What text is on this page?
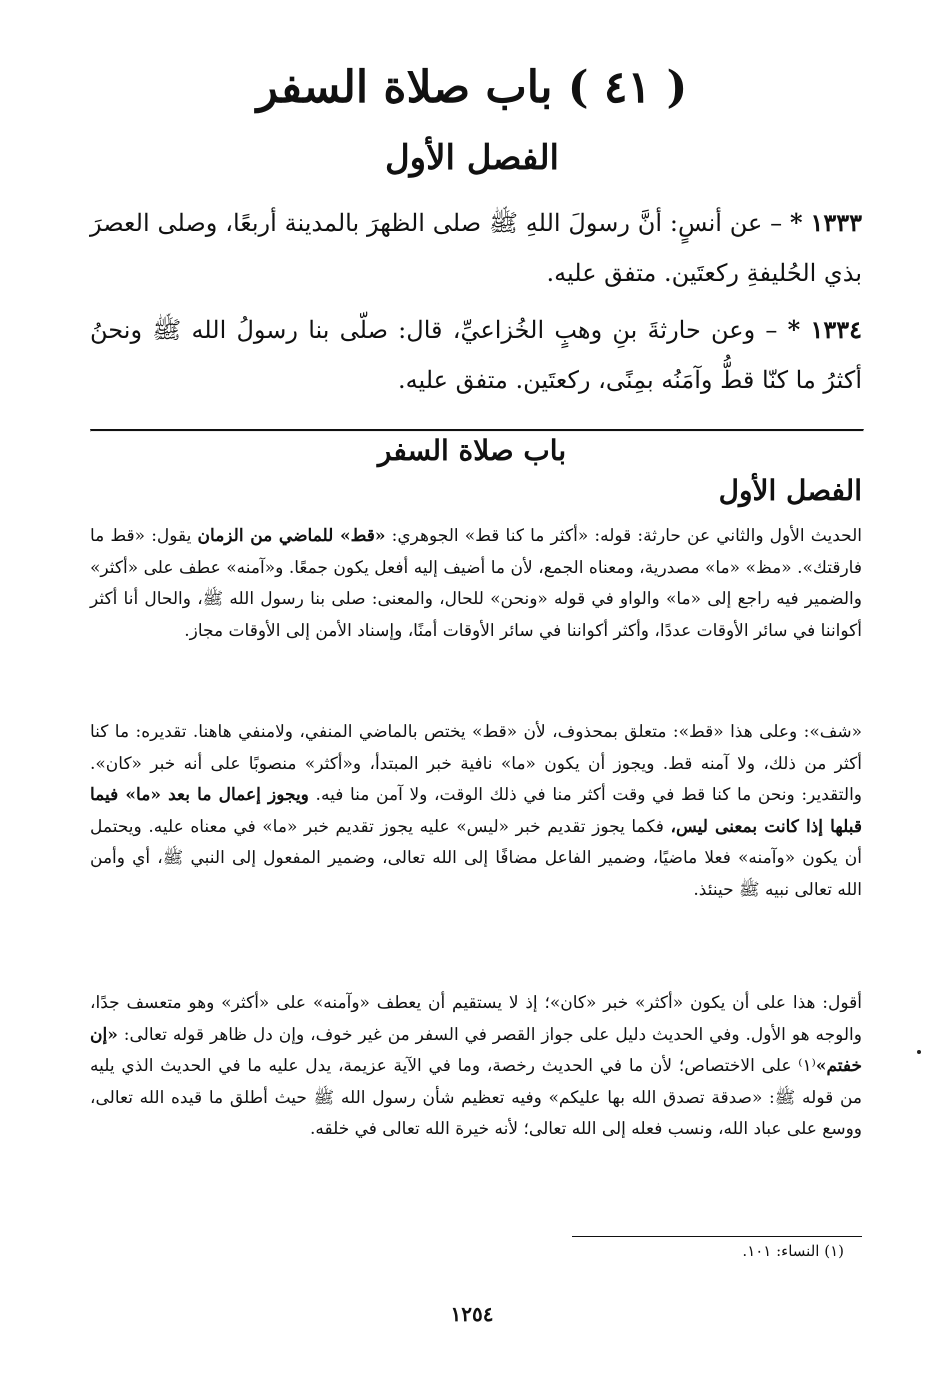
( ٤١ ) باب صلاة السفر
الفصل الأول

١٣٣٣ * – عن أنسٍ: أنَّ رسولَ اللهِ ﷺ صلى الظهرَ بالمدينة أربعًا، وصلى العصرَ بذي الحُليفةِ ركعتَين. متفق عليه.

١٣٣٤ * – وعن حارثةَ بنِ وهبٍ الخُزاعيِّ، قال: صلّى بنا رسولُ الله ﷺ ونحنُ أكثرُ ما كنّا قطُّ وآمَنُه بمِنًى، ركعتَين. متفق عليه.

باب صلاة السفر
الفصل الأول

الحديث الأول والثاني عن حارثة: قوله: «أكثر ما كنا قط» الجوهري: «قط» للماضي من الزمان يقول: «قط ما فارقتك». «مظ» «ما» مصدرية، ومعناه الجمع، لأن ما أضيف إليه أفعل يكون جمعًا. و«آمنه» عطف على «أكثر» والضمير فيه راجع إلى «ما» والواو في قوله «ونحن» للحال، والمعنى: صلى بنا رسول الله ﷺ، والحال أنا أكثر أكواننا في سائر الأوقات عددًا، وأكثر أكواننا في سائر الأوقات أمنًا، وإسناد الأمن إلى الأوقات مجاز.

«شف»: وعلى هذا «قط»: متعلق بمحذوف، لأن «قط» يختص بالماضي المنفي، ولامنفي هاهنا. تقديره: ما كنا أكثر من ذلك، ولا آمنه قط. ويجوز أن يكون «ما» نافية خبر المبتدأ، و«أكثر» منصوبًا على أنه خبر «كان». والتقدير: ونحن ما كنا قط في وقت أكثر منا في ذلك الوقت، ولا آمن منا فيه. ويجوز إعمال ما بعد «ما» فيما قبلها إذا كانت بمعنى ليس، فكما يجوز تقديم خبر «ليس» عليه يجوز تقديم خبر «ما» في معناه عليه. ويحتمل أن يكون «وآمنه» فعلا ماضيًا، وضمير الفاعل مضافًا إلى الله تعالى، وضمير المفعول إلى النبي ﷺ، أي وأمن الله تعالى نبيه ﷺ حينئذ.

أقول: هذا على أن يكون «أكثر» خبر «كان»؛ إذ لا يستقيم أن يعطف «وآمنه» على «أكثر» وهو متعسف جدًا، والوجه هو الأول. وفي الحديث دليل على جواز القصر في السفر من غير خوف، وإن دل ظاهر قوله تعالى: «إن خفتم»⁽١⁾ على الاختصاص؛ لأن ما في الحديث رخصة، وما في الآية عزيمة، يدل عليه ما في الحديث الذي يليه من قوله ﷺ: «صدقة تصدق الله بها عليكم» وفيه تعظيم شأن رسول الله ﷺ حيث أطلق ما قيده الله تعالى، ووسع على عباد الله، ونسب فعله إلى الله تعالى؛ لأنه خيرة الله تعالى في خلقه.

(١) النساء: ١٠١.

١٢٥٤
